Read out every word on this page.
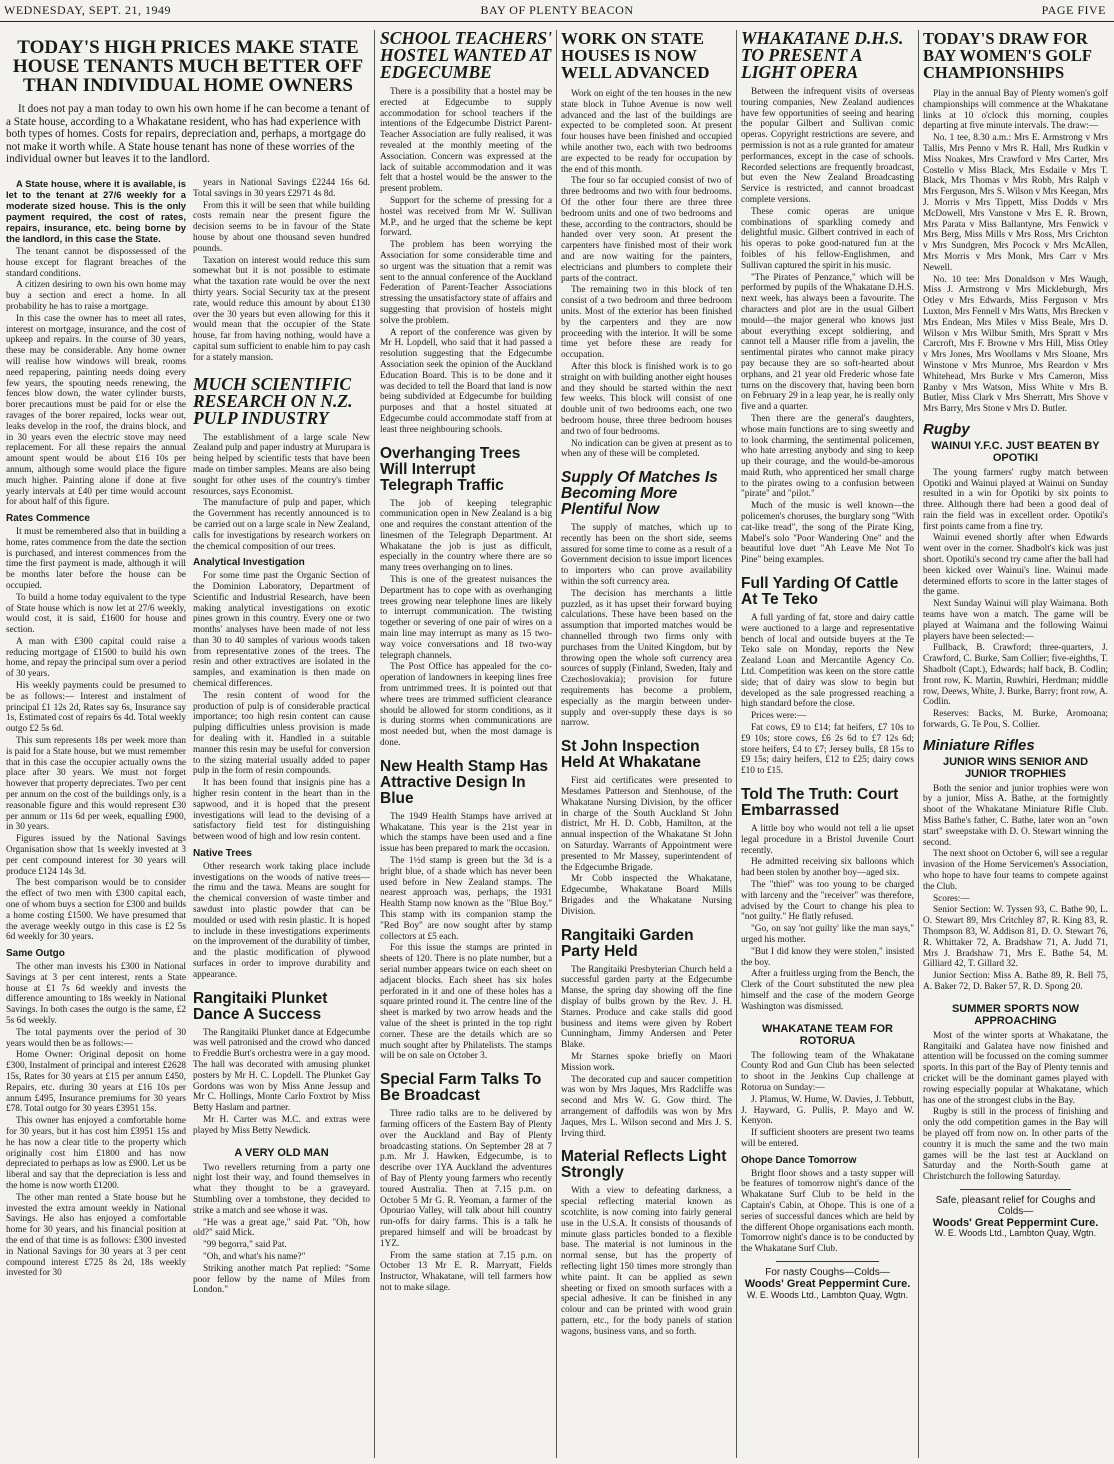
WEDNESDAY, SEPT. 21, 1949	BAY OF PLENTY BEACON	PAGE FIVE
TODAY'S HIGH PRICES MAKE STATE HOUSE TENANTS MUCH BETTER OFF THAN INDIVIDUAL HOME OWNERS

It does not pay a man today to own his own home if he can become a tenant of a State house, according to a Whakatane resident, who has had experience with both types of homes. Costs for repairs, depreciation and, perhaps, a mortgage do not make it worth while. A State house tenant has none of these worries of the individual owner but leaves it to the landlord.

A State house, where it is available, is let to the tenant at 27/6 weekly for a moderate sized house. This is the only payment required, the cost of rates, repairs, insurance, etc. being borne by the landlord, in this case the State.

The tenant cannot be dispossessed of the house except for flagrant breaches of the standard conditions.

A citizen desiring to own his own home may buy a section and erect a home. In all probability he has to raise a mortgage.

In this case the owner has to meet all rates, interest on mortgage, insurance, and the cost of upkeep and repairs. In the course of 30 years, these may be considerable. Any home owner will realise how windows will break, rooms need repapering, painting needs doing every few years, the spouting needs renewing, the fences blow down, the water cylinder bursts, borer precautions must be paid for or else the ravages of the borer repaired, locks wear out, leaks develop in the roof, the drains block, and in 30 years even the electric stove may need replacement. For all these repairs the annual amount spent would be about £16 10s per annum, although some would place the figure much higher. Painting alone if done at five yearly intervals at £40 per time would account for about half of this figure.

Rates Commence

It must be remembered also that in building a home, rates commence from the date the section is purchased, and interest commences from the time the first payment is made, although it will be months later before the house can be occupied.

To build a home today equivalent to the type of State house which is now let at 27/6 weekly, would cost, it is said, £1600 for house and section.

A man with £300 capital could raise a reducing mortgage of £1500 to build his own home, and repay the principal sum over a period of 30 years.

His weekly payments could be presumed to be as follows:— Interest and instalment of principal £1 12s 2d, Rates say 6s, Insurance say 1s, Estimated cost of repairs 6s 4d. Total weekly outgo £2 5s 6d.

This sum represents 18s per week more than is paid for a State house, but we must remember that in this case the occupier actually owns the place after 30 years. We must not forget however that property depreciates. Two per cent per annum on the cost of the buildings only, is a reasonable figure and this would represent £30 per annum or 11s 6d per week, equalling £900, in 30 years.

Figures issued by the National Savings Organisation show that 1s weekly invested at 3 per cent compound interest for 30 years will produce £124 14s 3d.

The best comparison would be to consider the effect of two men with £300 capital each, one of whom buys a section for £300 and builds a home costing £1500. We have presumed that the average weekly outgo in this case is £2 5s 6d weekly for 30 years.

Same Outgo

The other man invests his £300 in National Savings at 3 per cent interest, rents a State house at £1 7s 6d weekly and invests the difference amounting to 18s weekly in National Savings. In both cases the outgo is the same, £2 5s 6d weekly.

The total payments over the period of 30 years would then be as follows:—

Home Owner: Original deposit on home £300, Instalment of principal and interest £2628 15s, Rates for 30 years at £15 per annum £450, Repairs, etc. during 30 years at £16 10s per annum £495, Insurance premiums for 30 years £78. Total outgo for 30 years £3951 15s.

This owner has enjoyed a comfortable home for 30 years, but it has cost him £3951 15s and he has now a clear title to the property which originally cost him £1800 and has now depreciated to perhaps as low as £900. Let us be liberal and say that the depreciation is less and the home is now worth £1200.

The other man rented a State house but he invested the extra amount weekly in National Savings. He also has enjoyed a comfortable home for 30 years, and his financial position at the end of that time is as follows: £300 invested in National Savings for 30 years at 3 per cent compound interest £725 8s 2d, 18s weekly invested for 30

years in National Savings £2244 16s 6d. Total savings in 30 years £2971 4s 8d.

From this it will be seen that while building costs remain near the present figure the decision seems to be in favour of the State house by about one thousand seven hundred pounds.

Taxation on interest would reduce this sum somewhat but it is not possible to estimate what the taxation rate would be over the next thirty years. Social Security tax at the present rate, would reduce this amount by about £130 over the 30 years but even allowing for this it would mean that the occupier of the State house, far from having nothing, would have a capital sum sufficient to enable him to pay cash for a stately mansion.

MUCH SCIENTIFIC RESEARCH ON N.Z. PULP INDUSTRY

The establishment of a large scale New Zealand pulp and paper industry at Murupara is being helped by scientific tests that have been made on timber samples. Means are also being sought for other uses of the country's timber resources, says Economist.

The manufacture of pulp and paper, which the Government has recently announced is to be carried out on a large scale in New Zealand, calls for investigations by research workers on the chemical composition of our trees.

Analytical Investigation

For some time past the Organic Section of the Dominion Laboratory, Department of Scientific and Industrial Research, have been making analytical investigations on exotic pines grown in this country. Every one or two months' analyses have been made of not less than 30 to 40 samples of various woods taken from representative zones of the trees. The resin and other extractives are isolated in the samples, and examination is then made on chemical differences.

The resin content of wood for the production of pulp is of considerable practical importance; too high resin content can cause pulping difficulties unless provision is made for dealing with it. Handled in a suitable manner this resin may be useful for conversion to the sizing material usually added to paper pulp in the form of resin compounds.

It has been found that insignis pine has a higher resin content in the heart than in the sapwood, and it is hoped that the present investigations will lead to the devising of a satisfactory field test for distinguishing between wood of high and low resin content.

Native Trees

Other research work taking place include investigations on the woods of native trees—the rimu and the tawa. Means are sought for the chemical conversion of waste timber and sawdust into plastic powder that can be moulded or used with resin plastic. It is hoped to include in these investigations experiments on the improvement of the durability of timber, and the plastic modification of plywood surfaces in order to improve durability and appearance.

Rangitaiki Plunket Dance A Success

The Rangitaiki Plunket dance at Edgecumbe was well patronised and the crowd who danced to Freddie Burt's orchestra were in a gay mood. The hall was decorated with amusing plunket posters by Mr H. C. Lopdell. The Plunket Gay Gordons was won by Miss Anne Jessup and Mr C. Hollings, Monte Carlo Foxtrot by Miss Betty Haslam and partner.

Mr H. Carter was M.C. and extras were played by Miss Betty Newdick.

A VERY OLD MAN

Two revellers returning from a party one night lost their way, and found themselves in what they thought to be a graveyard. Stumbling over a tombstone, they decided to strike a match and see whose it was.

"He was a great age," said Pat. "Oh, how old?" said Mick.

"99 begorra," said Pat.

"Oh, and what's his name?"

Striking another match Pat replied: "Some poor fellow by the name of Miles from London."

SCHOOL TEACHERS' HOSTEL WANTED AT EDGECUMBE

There is a possibility that a hostel may be erected at Edgecumbe to supply accommodation for school teachers if the intentions of the Edgecumbe District Parent-Teacher Association are fully realised, it was revealed at the monthly meeting of the Association. Concern was expressed at the lack of suitable accommodation and it was felt that a hostel would be the answer to the present problem.

Support for the scheme of pressing for a hostel was received from Mr W. Sullivan M.P., and he urged that the scheme be kept forward.

The problem has been worrying the Association for some considerable time and so urgent was the situation that a remit was sent to the annual conference of the Auckland Federation of Parent-Teacher Associations stressing the unsatisfactory state of affairs and suggesting that provision of hostels might solve the problem.

A report of the conference was given by Mr H. Lopdell, who said that it had passed a resolution suggesting that the Edgecumbe Association seek the opinion of the Auckland Education Board. This is to be done and it was decided to tell the Board that land is now being subdivided at Edgecumbe for building purposes and that a hostel situated at Edgecumbe could accommodate staff from at least three neighbouring schools.

Overhanging Trees Will Interrupt Telegraph Traffic

The job of keeping telegraphic communication open in New Zealand is a big one and requires the constant attention of the linesmen of the Telegraph Department. At Whakatane the job is just as difficult, especially in the country where there are so many trees overhanging on to lines.

This is one of the greatest nuisances the Department has to cope with as overhanging trees growing near telephone lines are likely to interrupt communication. The twisting together or severing of one pair of wires on a main line may interrupt as many as 15 two-way voice conversations and 18 two-way telegraph channels.

The Post Office has appealed for the co-operation of landowners in keeping lines free from untrimmed trees. It is pointed out that where trees are trimmed sufficient clearance should be allowed for storm conditions, as it is during storms when communications are most needed but, when the most damage is done.

New Health Stamp Has Attractive Design In Blue

The 1949 Health Stamps have arrived at Whakatane. This year is the 21st year in which the stamps have been used and a fine issue has been prepared to mark the occasion.

The 1½d stamp is green but the 3d is a bright blue, of a shade which has never been used before in New Zealand stamps. The nearest approach was, perhaps, the 1931 Health Stamp now known as the "Blue Boy." This stamp with its companion stamp the "Red Boy" are now sought after by stamp collectors at £5 each.

For this issue the stamps are printed in sheets of 120. There is no plate number, but a serial number appears twice on each sheet on adjacent blocks. Each sheet has six holes perforated in it and one of these holes has a square printed round it. The centre line of the sheet is marked by two arrow heads and the value of the sheet is printed in the top right corner. These are the details which are so much sought after by Philatelists. The stamps will be on sale on October 3.

Special Farm Talks To Be Broadcast

Three radio talks are to be delivered by farming officers of the Eastern Bay of Plenty over the Auckland and Bay of Plenty broadcasting stations. On September 28 at 7 p.m. Mr J. Hawken, Edgecumbe, is to describe over 1YA Auckland the adventures of Bay of Plenty young farmers who recently toured Australia. Then at 7.15 p.m. on October 5 Mr G. R. Yeoman, a farmer of the Opouriao Valley, will talk about hill country run-offs for dairy farms. This is a talk he prepared himself and will be broadcast by 1YZ.

From the same station at 7.15 p.m. on October 13 Mr E. R. Marryatt, Fields Instructor, Whakatane, will tell farmers how not to make silage.

WORK ON STATE HOUSES IS NOW WELL ADVANCED

Work on eight of the ten houses in the new state block in Tuhoe Avenue is now well advanced and the last of the buildings are expected to be completed soon. At present four houses have been finished and occupied while another two, each with two bedrooms are expected to be ready for occupation by the end of this month.

The four so far occupied consist of two of three bedrooms and two with four bedrooms. Of the other four there are three three bedroom units and one of two bedrooms and these, according to the contractors, should be handed over very soon. At present the carpenters have finished most of their work and are now waiting for the painters, electricians and plumbers to complete their parts of the contract.

The remaining two in this block of ten consist of a two bedroom and three bedroom units. Most of the exterior has been finished by the carpenters and they are now proceeding with the interior. It will be some time yet before these are ready for occupation.

After this block is finished work is to go straight on with building another eight houses and they should be started within the next few weeks. This block will consist of one double unit of two bedrooms each, one two bedroom house, three three bedroom houses and two of four bedrooms.

No indication can be given at present as to when any of these will be completed.

Supply Of Matches Is Becoming More Plentiful Now

The supply of matches, which up to recently has been on the short side, seems assured for some time to come as a result of a Government decision to issue import licences to importers who can prove availability within the soft currency area.

The decision has merchants a little puzzled, as it has upset their forward buying calculations. These have been based on the assumption that imported matches would be channelled through two firms only with purchases from the United Kingdom, but by throwing open the whole soft currency area sources of supply (Finland, Sweden, Italy and Czechoslovakia); provision for future requirements has become a problem, especially as the margin between under-supply and over-supply these days is so narrow.

St John Inspection Held At Whakatane

First aid certificates were presented to Mesdames Patterson and Stenhouse, of the Whakatane Nursing Division, by the officer in charge of the South Auckland St John district, Mr H. D. Cobb, Hamilton, at the annual inspection of the Whakatane St John on Saturday. Warrants of Appointment were presented to Mr Massey, superintendent of the Edgecumbe Brigade.

Mr Cobb inspected the Whakatane, Edgecumbe, Whakatane Board Mills Brigades and the Whakatane Nursing Division.

Rangitaiki Garden Party Held

The Rangitaiki Presbyterian Church held a successful garden party at the Edgecumbe Manse, the spring day showing off the fine display of bulbs grown by the Rev. J. H. Starnes. Produce and cake stalls did good business and items were given by Robert Cunningham, Jimmy Andersen and Peter Blake.

Mr Starnes spoke briefly on Maori Mission work.

The decorated cup and saucer competition was won by Mrs Jaques, Mrs Radcliffe was second and Mrs W. G. Gow third. The arrangement of daffodils was won by Mrs Jaques, Mrs L. Wilson second and Mrs J. S. Irving third.

Material Reflects Light Strongly

With a view to defeating darkness, a special reflecting material known as scotchlite, is now coming into fairly general use in the U.S.A. It consists of thousands of minute glass particles bonded to a flexible base. The material is not luminous in the normal sense, but has the property of reflecting light 150 times more strongly than white paint. It can be applied as sewn sheeting or fixed on smooth surfaces with a special adhesive. It can be finished in any colour and can be printed with wood grain pattern, etc., for the body panels of station wagons, business vans, and so forth.

WHAKATANE D.H.S. TO PRESENT A LIGHT OPERA

Between the infrequent visits of overseas touring companies, New Zealand audiences have few opportunities of seeing and hearing the popular Gilbert and Sullivan comic operas. Copyright restrictions are severe, and permission is not as a rule granted for amateur performances, except in the case of schools. Recorded selections are frequently broadcast, but even the New Zealand Broadcasting Service is restricted, and cannot broadcast complete versions.

These comic operas are unique combinations of sparkling comedy and delightful music. Gilbert contrived in each of his operas to poke good-natured fun at the foibles of his fellow-Englishmen, and Sullivan captured the spirit in his music.

"The Pirates of Penzance," which will be performed by pupils of the Whakatane D.H.S. next week, has always been a favourite. The characters and plot are in the usual Gilbert mould—the major general who knows just about everything except soldiering, and cannot tell a Mauser rifle from a javelin, the sentimental pirates who cannot make piracy pay because they are so soft-hearted about orphans, and 21 year old Frederic whose fate turns on the discovery that, having been born on February 29 in a leap year, he is really only five and a quarter.

Then there are the general's daughters, whose main functions are to sing sweetly and to look charming, the sentimental policemen, who hate arresting anybody and sing to keep up their courage, and the would-be-amorous maid Ruth, who apprenticed her small charge to the pirates owing to a confusion between "pirate" and "pilot."

Much of the music is well known—the policemen's choruses, the burglary song "With cat-like tread", the song of the Pirate King, Mabel's solo "Poor Wandering One" and the beautiful love duet "Ah Leave Me Not To Pine" being examples.

Full Yarding Of Cattle At Te Teko

A full yarding of fat, store and dairy cattle were auctioned to a large and representative bench of local and outside buyers at the Te Teko sale on Monday, reports the New Zealand Loan and Mercantile Agency Co. Ltd. Competition was keen on the store cattle side; that of dairy was slow to begin but developed as the sale progressed reaching a high standard before the close.

Prices were:—

Fat cows, £9 to £14; fat heifers, £7 10s to £9 10s; store cows, £6 2s 6d to £7 12s 6d; store heifers, £4 to £7; Jersey bulls, £8 15s to £9 15s; dairy heifers, £12 to £25; dairy cows £10 to £15.

Told The Truth: Court Embarrassed

A little boy who would not tell a lie upset legal procedure in a Bristol Juvenile Court recently.

He admitted receiving six balloons which had been stolen by another boy—aged six.

The "thief" was too young to be charged with larceny and the "receiver" was therefore, advised by the Court to change his plea to "not guilty." He flatly refused.

"Go, on say 'not guilty' like the man says," urged his mother.

"But I did know they were stolen," insisted the boy.

After a fruitless urging from the Bench, the Clerk of the Court substituted the new plea himself and the case of the modern George Washington was dismissed.

WHAKATANE TEAM FOR ROTORUA

The following team of the Whakatane County Rod and Gun Club has been selected to shoot in the Jenkins Cup challenge at Rotorua on Sunday:—

J. Plamus, W. Hume, W. Davies, J. Tebbutt, J. Hayward, G. Pullis, P. Mayo and W. Kenyon.

If sufficient shooters are present two teams will be entered.

Ohope Dance Tomorrow

Bright floor shows and a tasty supper will be features of tomorrow night's dance of the Whakatane Surf Club to be held in the Captain's Cabin, at Ohope. This is one of a series of successful dances which are held by the different Ohope organisations each month. Tomorrow night's dance is to be conducted by the Whakatane Surf Club.

For nasty Coughs—Colds—
Woods' Great Peppermint Cure.
W. E. Woods Ltd., Lambton Quay, Wgtn.
TODAY'S DRAW FOR BAY WOMEN'S GOLF CHAMPIONSHIPS

Play in the annual Bay of Plenty women's golf championships will commence at the Whakatane links at 10 o'clock this morning, couples departing at five minute intervals. The draw:—

No. 1 tee, 8.30 a.m.: Mrs E. Armstrong v Mrs Tallis, Mrs Penno v Mrs R. Hall, Mrs Rudkin v Miss Noakes, Mrs Crawford v Mrs Carter, Mrs Costello v Miss Black, Mrs Esdaile v Mrs T. Black, Mrs Thomas v Mrs Robb, Mrs Ralph v Mrs Ferguson, Mrs S. Wilson v Mrs Keegan, Mrs J. Morris v Mrs Tippett, Miss Dodds v Mrs McDowell, Mrs Vanstone v Mrs E. R. Brown, Mrs Parata v Miss Ballantyne, Mrs Fenwick v Mrs Berg, Miss Mills v Mrs Ross, Mrs Crichton v Mrs Sundgren, Mrs Pocock v Mrs McAllen, Mrs Morris v Mrs Monk, Mrs Carr v Mrs Newell.

No. 10 tee: Mrs Donaldson v Mrs Waugh, Miss J. Armstrong v Mrs Mickleburgh, Mrs Otley v Mrs Edwards, Miss Ferguson v Mrs Luxton, Mrs Fennell v Mrs Watts, Mrs Brecken v Mrs Endean, Mrs Miles v Miss Beale, Mrs D. Wilson v Mrs Wilbur Smith, Mrs Spratt v Mrs Carcroft, Mrs F. Browne v Mrs Hill, Miss Otley v Mrs Jones, Mrs Woollams v Mrs Sloane, Mrs Winstone v Mrs Munroe, Mrs Reardon v Mrs Whitehead, Mrs Burke v Mrs Cameron, Miss Ranby v Mrs Watson, Miss White v Mrs B. Butler, Miss Clark v Mrs Sherratt, Mrs Shove v Mrs Barry, Mrs Stone v Mrs D. Butler.

Rugby
WAINUI Y.F.C. JUST BEATEN BY OPOTIKI

The young farmers' rugby match between Opotiki and Wainui played at Wainui on Sunday resulted in a win for Opotiki by six points to three. Although there had been a good deal of rain the field was in excellent order. Opotiki's first points came from a fine try.

Wainui evened shortly after when Edwards went over in the corner. Shadbolt's kick was just short. Opotiki's second try came after the ball had been kicked over Wainui's line. Wainui made determined efforts to score in the latter stages of the game.

Next Sunday Wainui will play Waimana. Both teams have won a match. The game will be played at Waimana and the following Wainui players have been selected:—

Fullback, B. Crawford; three-quarters, J. Crawford, C. Burke, Sam Collier; five-eighths, T. Shadbolt (Capt.), Edwards; half back, B. Codlin; front row, K. Martin, Ruwhiri, Herdman; middle row, Deews, White, J. Burke, Barry; front row, A. Codlin.

Reserves: Backs, M. Burke, Aromoana; forwards, G. Te Pou, S. Collier.

Miniature Rifles
JUNIOR WINS SENIOR AND JUNIOR TROPHIES

Both the senior and junior trophies were won by a junior, Miss A. Bathe, at the fortnightly shoot of the Whakatane Miniature Rifle Club. Miss Bathe's father, C. Bathe, later won an "own start" sweepstake with D. O. Stewart winning the second.

The next shoot on October 6, will see a regular invasion of the Home Servicemen's Association, who hope to have four teams to compete against the Club.

Scores:—

Senior Section: W. Tyssen 93, C. Bathe 90, L. O. Stewart 89, Mrs Critchley 87, R. King 83, R. Thompson 83, W. Addison 81, D. O. Stewart 76, R. Whittaker 72, A. Bradshaw 71, A. Judd 71, Mrs J. Bradshaw 71, Mrs E. Bathe 54, M. Gilliard 42, T. Gillard 32.

Junior Section: Miss A. Bathe 89, R. Bell 75, A. Baker 72, D. Baker 57, R. D. Spong 20.

SUMMER SPORTS NOW APPROACHING

Most of the winter sports at Whakatane, the Rangitaiki and Galatea have now finished and attention will be focussed on the coming summer sports. In this part of the Bay of Plenty tennis and cricket will be the dominant games played with rowing especially popular at Whakatane, which has one of the strongest clubs in the Bay.

Rugby is still in the process of finishing and only the odd competition games in the Bay will be played off from now on. In other parts of the country it is much the same and the two main games will be the last test at Auckland on Saturday and the North-South game at Christchurch the following Saturday.

Safe, pleasant relief for Coughs and Colds—
Woods' Great Peppermint Cure.
W. E. Woods Ltd., Lambton Quay, Wgtn.
